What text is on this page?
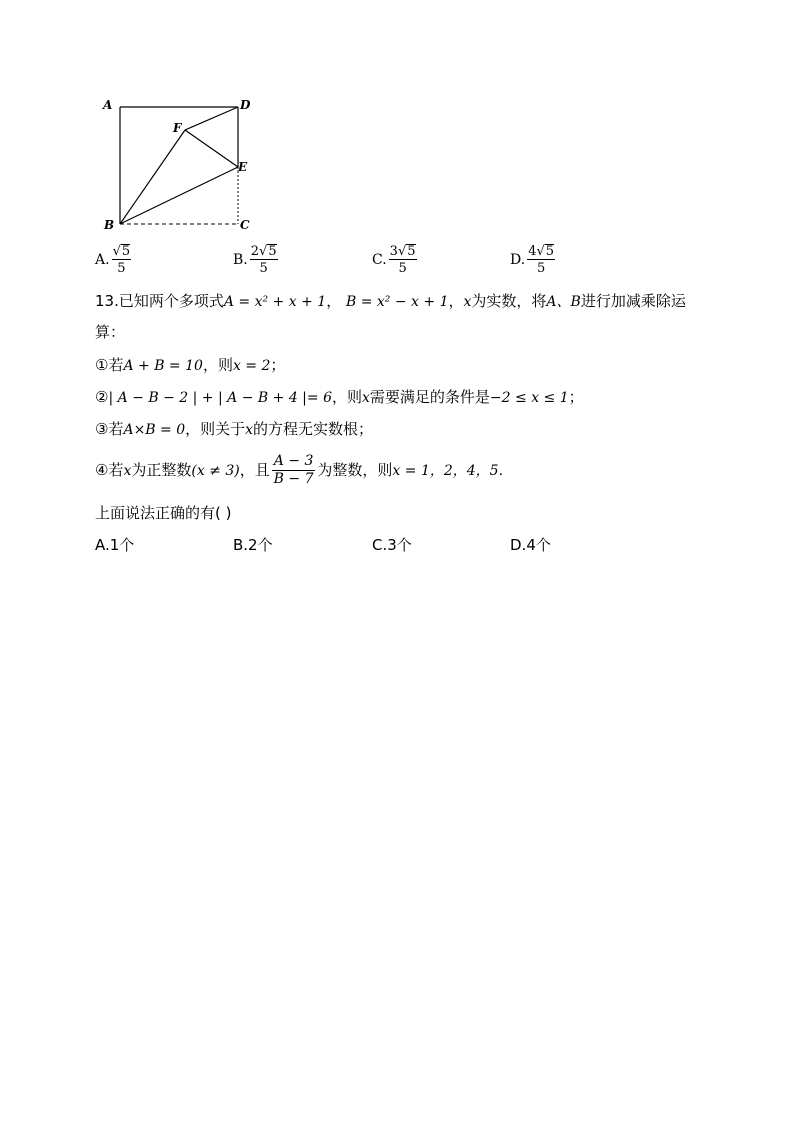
A	D
F
E
B	C
A. $\frac{√ 5}{5}$	B. $\frac{2√ 5}{5}$	C. $\frac{3√ 5}{5}$	D. $\frac{4√ 5}{5}$
13.已知两个多项式A = x² + x + 1， B = x² − x + 1，x为实数，将A、B进行加减乘除运
算：
①若A + B = 10，则x = 2；
②| A − B − 2 | + | A − B + 4 |= 6，则x需要满足的条件是−2 ≤ x ≤ 1；
③若A×B = 0，则关于x的方程无实数根；
④若x为正整数(x ≠ 3)，且 $\frac{A - 3}{B - 7}$ 为整数，则x = 1，2，4，5.
上面说法正确的有( )
A.1个	B.2个	C.3个	D.4个
